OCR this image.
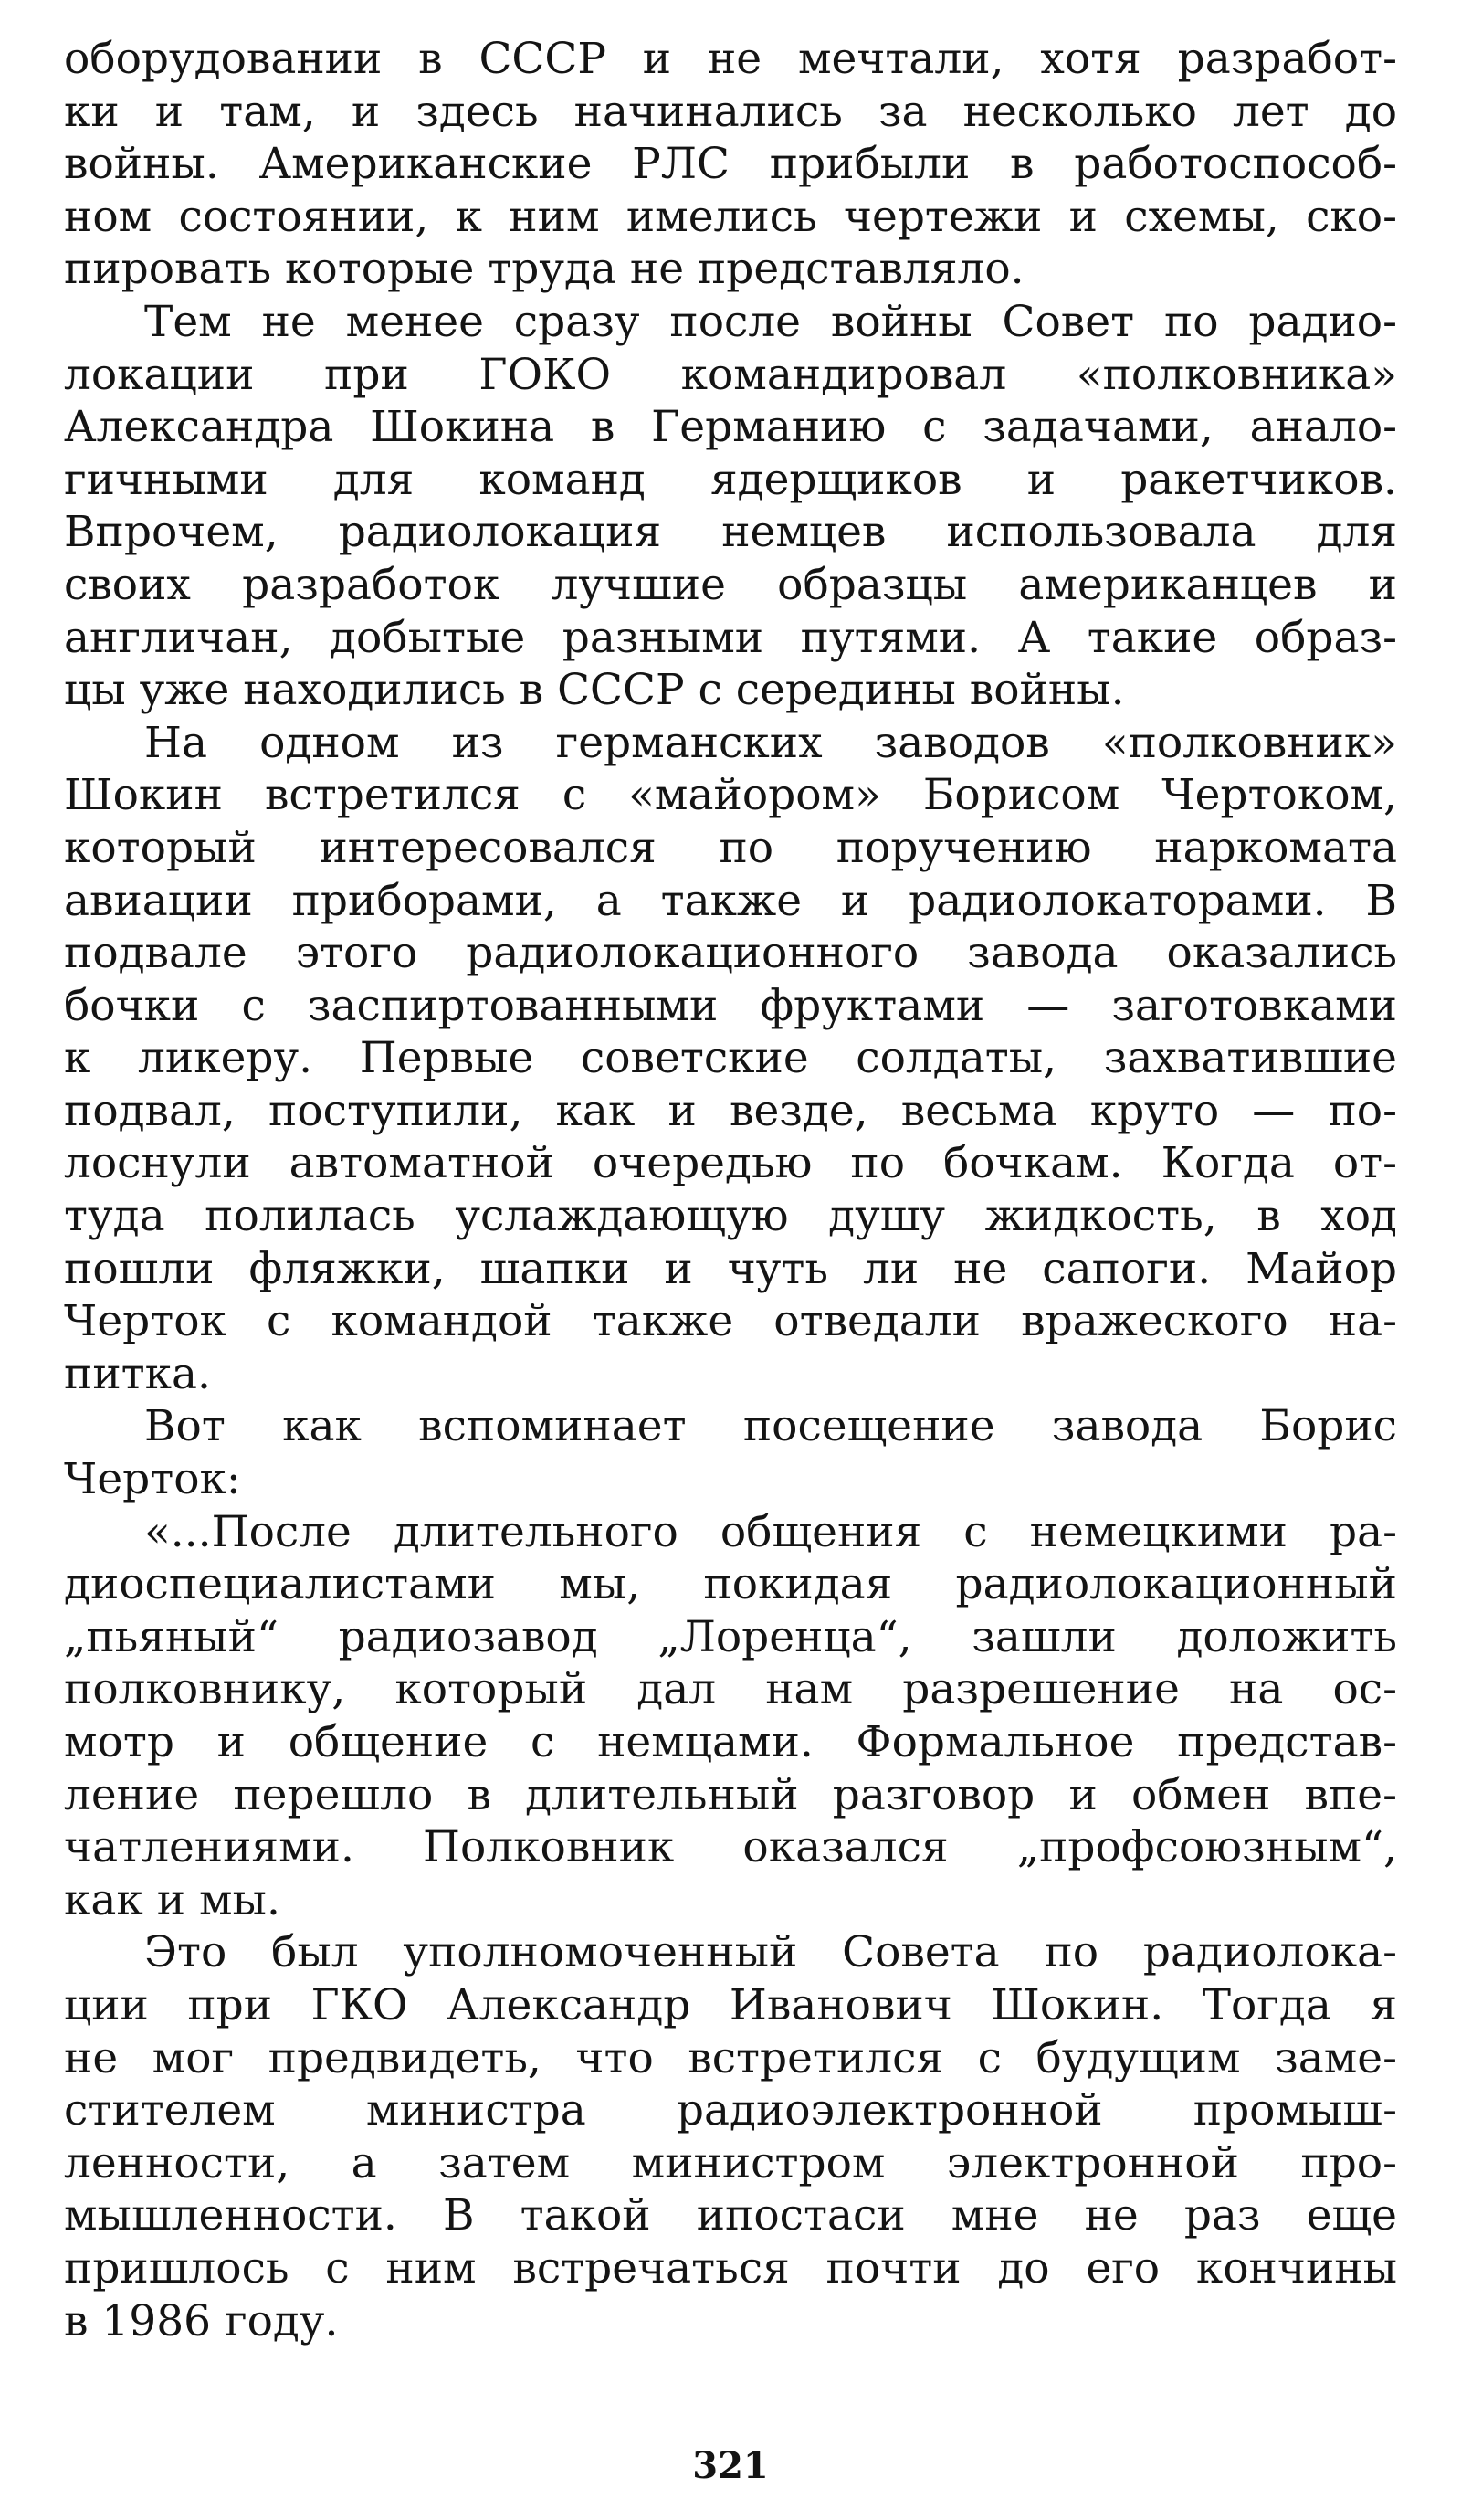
оборудовании в СССР и не мечтали, хотя разработ-
ки и там, и здесь начинались за несколько лет до
войны. Американские РЛС прибыли в работоспособ-
ном состоянии, к ним имелись чертежи и схемы, ско-
пировать которые труда не представляло.
Тем не менее сразу после войны Совет по радио-
локации при ГОКО командировал «полковника»
Александра Шокина в Германию с задачами, анало-
гичными для команд ядерщиков и ракетчиков.
Впрочем, радиолокация немцев использовала для
своих разработок лучшие образцы американцев и
англичан, добытые разными путями. А такие образ-
цы уже находились в СССР с середины войны.
На одном из германских заводов «полковник»
Шокин встретился с «майором» Борисом Чертоком,
который интересовался по поручению наркомата
авиации приборами, а также и радиолокаторами. В
подвале этого радиолокационного завода оказались
бочки с заспиртованными фруктами — заготовками
к ликеру. Первые советские солдаты, захватившие
подвал, поступили, как и везде, весьма круто — по-
лоснули автоматной очередью по бочкам. Когда от-
туда полилась услаждающую душу жидкость, в ход
пошли фляжки, шапки и чуть ли не сапоги. Майор
Черток с командой также отведали вражеского на-
питка.
Вот как вспоминает посещение завода Борис
Черток:
«...После длительного общения с немецкими ра-
диоспециалистами мы, покидая радиолокационный
„пьяный“ радиозавод „Лоренца“, зашли доложить
полковнику, который дал нам разрешение на ос-
мотр и общение с немцами. Формальное представ-
ление перешло в длительный разговор и обмен впе-
чатлениями. Полковник оказался „профсоюзным“,
как и мы.
Это был уполномоченный Совета по радиолока-
ции при ГКО Александр Иванович Шокин. Тогда я
не мог предвидеть, что встретился с будущим заме-
стителем министра радиоэлектронной промыш-
ленности, а затем министром электронной про-
мышленности. В такой ипостаси мне не раз еще
пришлось с ним встречаться почти до его кончины
в 1986 году.
321
